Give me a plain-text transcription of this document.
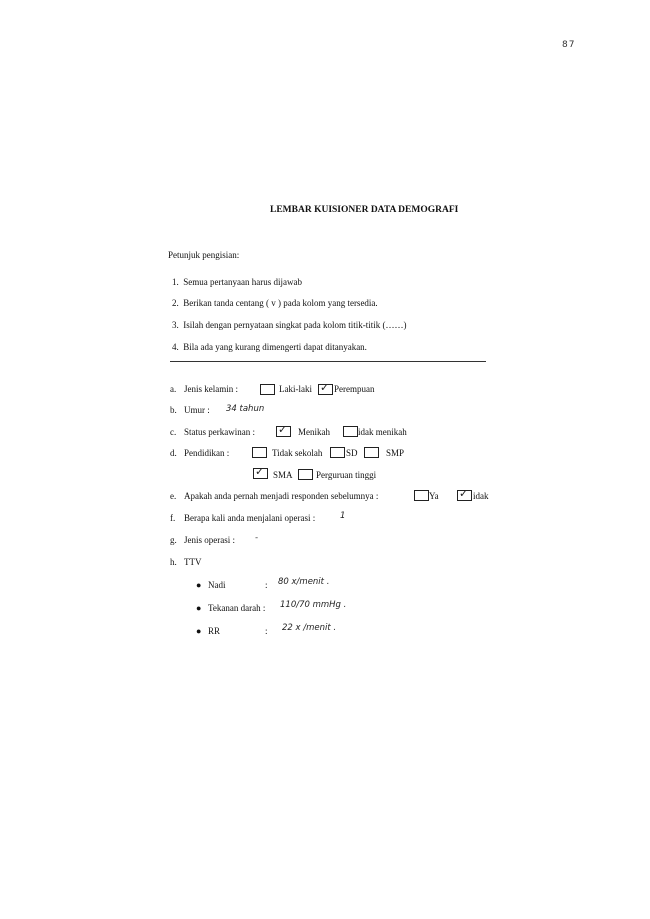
87
LEMBAR KUISIONER DATA DEMOGRAFI
Petunjuk pengisian:
1. Semua pertanyaan harus dijawab
2. Berikan tanda centang ( v ) pada kolom yang tersedia.
3. Isilah dengan pernyataan singkat pada kolom titik-titik (……)
4. Bila ada yang kurang dimengerti dapat ditanyakan.
a. Jenis kelamin :	Laki-laki ✓ Perempuan
b. Umur : 34 tahun
c. Status perkawinan : ✓ Menikah	idak menikah
d. Pendidikan :	Tidak sekolah	SD	SMP
✓ SMA	Perguruan tinggi
e. Apakah anda pernah menjadi responden sebelumnya :	Ya ✓ idak
f. Berapa kali anda menjalani operasi :	1
g. Jenis operasi : -
h. TTV
● Nadi	: 80 x/menit .
● Tekanan darah : 110/70 mmHg .
● RR	: 22 x /menit .
